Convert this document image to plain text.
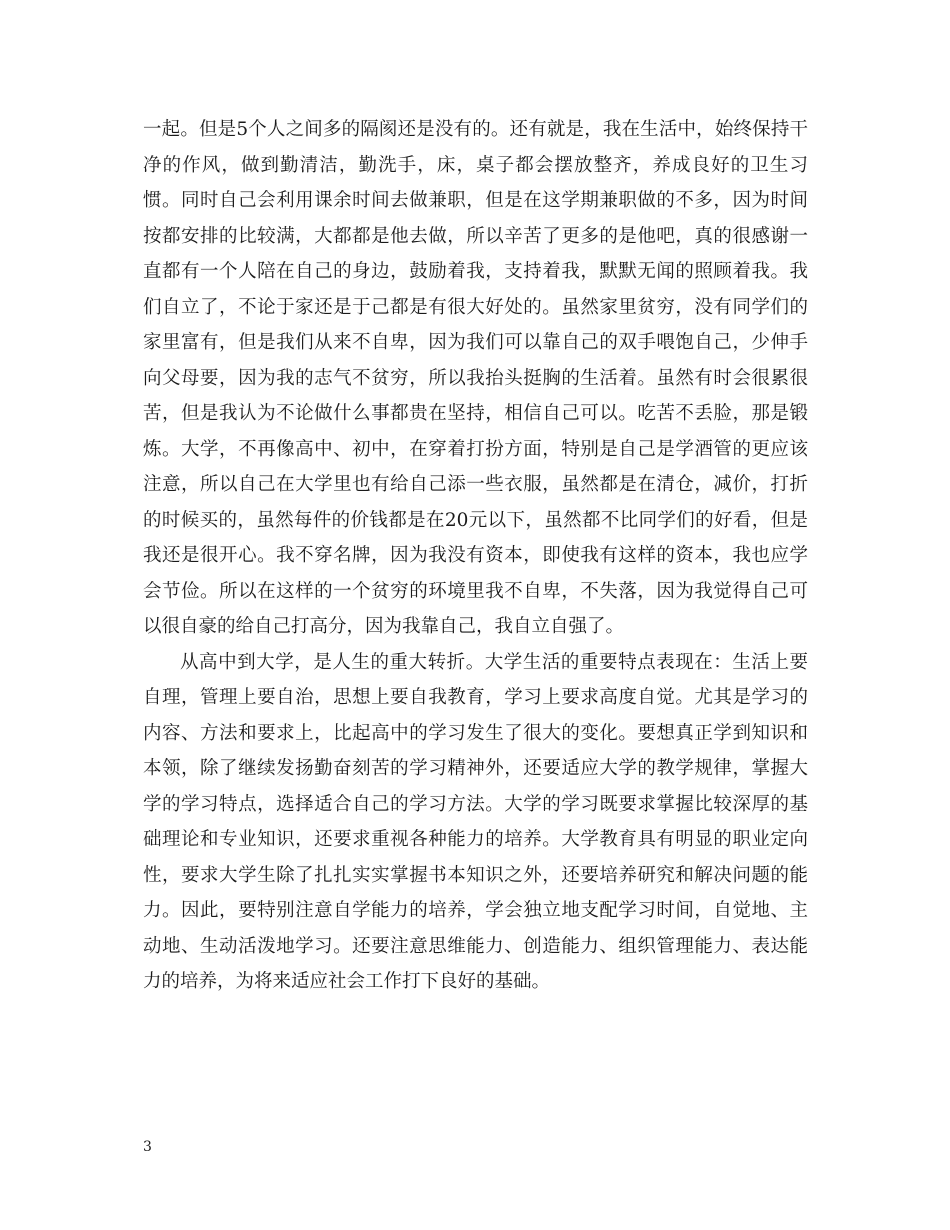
一起。但是5个人之间多的隔阂还是没有的。还有就是，我在生活中，始终保持干净的作风，做到勤清洁，勤洗手，床，桌子都会摆放整齐，养成良好的卫生习惯。同时自己会利用课余时间去做兼职，但是在这学期兼职做的不多，因为时间按都安排的比较满，大都都是他去做，所以辛苦了更多的是他吧，真的很感谢一直都有一个人陪在自己的身边，鼓励着我，支持着我，默默无闻的照顾着我。我们自立了，不论于家还是于己都是有很大好处的。虽然家里贫穷，没有同学们的家里富有，但是我们从来不自卑，因为我们可以靠自己的双手喂饱自己，少伸手向父母要，因为我的志气不贫穷，所以我抬头挺胸的生活着。虽然有时会很累很苦，但是我认为不论做什么事都贵在坚持，相信自己可以。吃苦不丢脸，那是锻炼。大学，不再像高中、初中，在穿着打扮方面，特别是自己是学酒管的更应该注意，所以自己在大学里也有给自己添一些衣服，虽然都是在清仓，减价，打折的时候买的，虽然每件的价钱都是在20元以下，虽然都不比同学们的好看，但是我还是很开心。我不穿名牌，因为我没有资本，即使我有这样的资本，我也应学会节俭。所以在这样的一个贫穷的环境里我不自卑，不失落，因为我觉得自己可以很自豪的给自己打高分，因为我靠自己，我自立自强了。

从高中到大学，是人生的重大转折。大学生活的重要特点表现在：生活上要自理，管理上要自治，思想上要自我教育，学习上要求高度自觉。尤其是学习的内容、方法和要求上，比起高中的学习发生了很大的变化。要想真正学到知识和本领，除了继续发扬勤奋刻苦的学习精神外，还要适应大学的教学规律，掌握大学的学习特点，选择适合自己的学习方法。大学的学习既要求掌握比较深厚的基础理论和专业知识，还要求重视各种能力的培养。大学教育具有明显的职业定向性，要求大学生除了扎扎实实掌握书本知识之外，还要培养研究和解决问题的能力。因此，要特别注意自学能力的培养，学会独立地支配学习时间，自觉地、主动地、生动活泼地学习。还要注意思维能力、创造能力、组织管理能力、表达能力的培养，为将来适应社会工作打下良好的基础。

3
